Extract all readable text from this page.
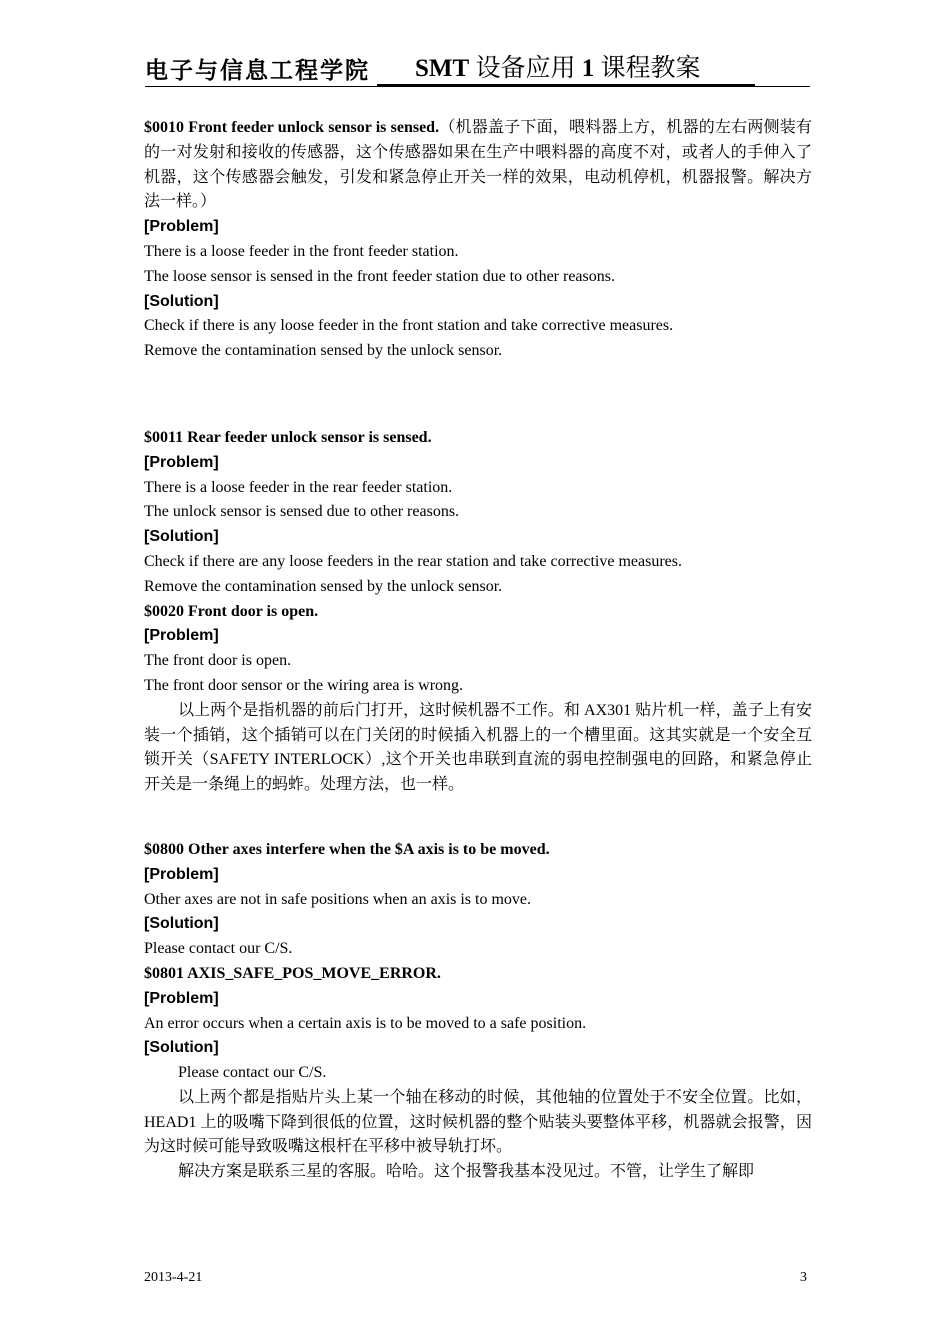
电子与信息工程学院 SMT 设备应用 1 课程教案

$0010 Front feeder unlock sensor is sensed.（机器盖子下面，喂料器上方，机器的左右两侧装有的一对发射和接收的传感器，这个传感器如果在生产中喂料器的高度不对，或者人的手伸入了机器，这个传感器会触发，引发和紧急停止开关一样的效果，电动机停机，机器报警。解决方法一样。）

[Problem]

There is a loose feeder in the front feeder station.

The loose sensor is sensed in the front feeder station due to other reasons.

[Solution]

Check if there is any loose feeder in the front station and take corrective measures.

Remove the contamination sensed by the unlock sensor.

$0011 Rear feeder unlock sensor is sensed.

[Problem]

There is a loose feeder in the rear feeder station.

The unlock sensor is sensed due to other reasons.

[Solution]

Check if there are any loose feeders in the rear station and take corrective measures.

Remove the contamination sensed by the unlock sensor.

$0020 Front door is open.

[Problem]

The front door is open.

The front door sensor or the wiring area is wrong.

以上两个是指机器的前后门打开，这时候机器不工作。和 AX301 贴片机一样，盖子上有安装一个插销，这个插销可以在门关闭的时候插入机器上的一个槽里面。这其实就是一个安全互锁开关（SAFETY INTERLOCK）,这个开关也串联到直流的弱电控制强电的回路，和紧急停止开关是一条绳上的蚂蚱。处理方法，也一样。

$0800 Other axes interfere when the $A axis is to be moved.

[Problem]

Other axes are not in safe positions when an axis is to move.

[Solution]

Please contact our C/S.

$0801 AXIS_SAFE_POS_MOVE_ERROR.

[Problem]

An error occurs when a certain axis is to be moved to a safe position.

[Solution]

Please contact our C/S.

以上两个都是指贴片头上某一个轴在移动的时候，其他轴的位置处于不安全位置。比如，HEAD1 上的吸嘴下降到很低的位置，这时候机器的整个贴装头要整体平移，机器就会报警，因为这时候可能导致吸嘴这根杆在平移中被导轨打坏。

解决方案是联系三星的客服。哈哈。这个报警我基本没见过。不管，让学生了解即

2013-4-21	3
